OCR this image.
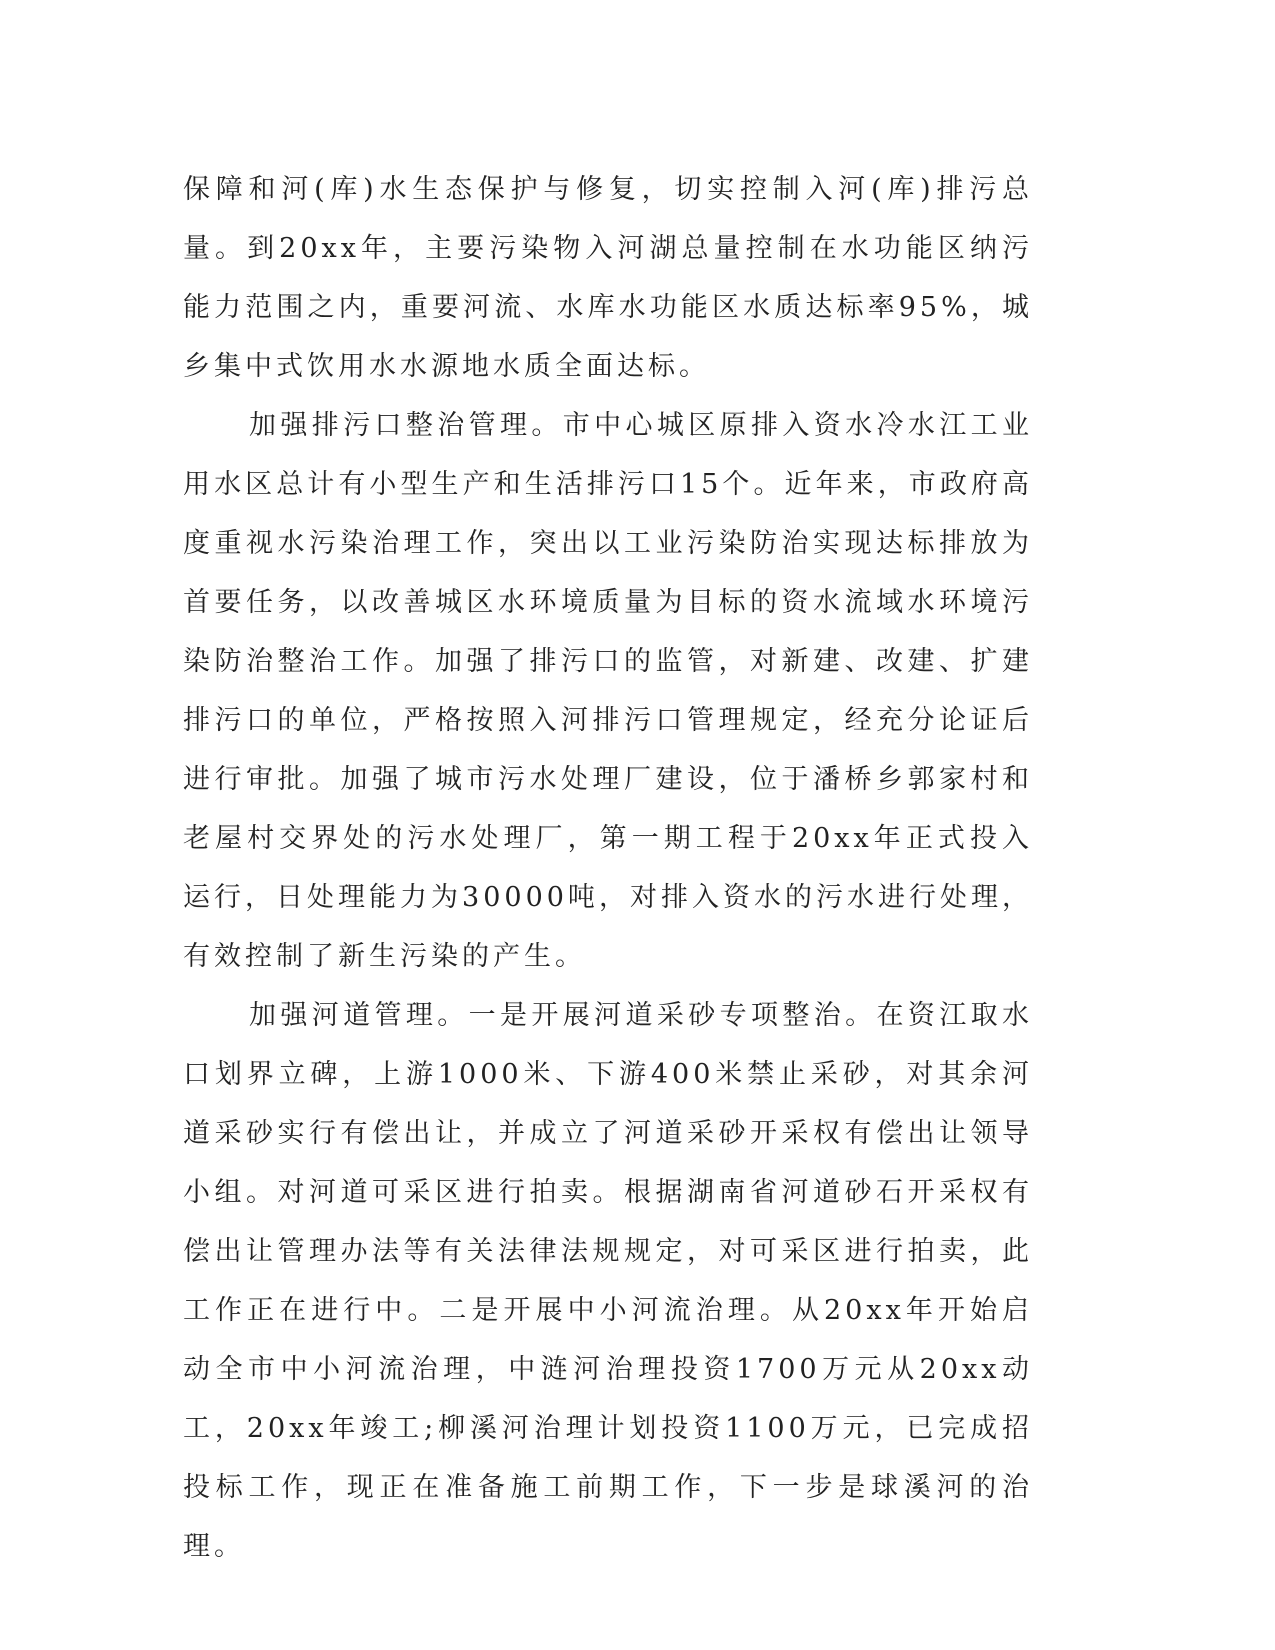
保障和河(库)水生态保护与修复，切实控制入河(库)排污总量。到20xx年，主要污染物入河湖总量控制在水功能区纳污能力范围之内，重要河流、水库水功能区水质达标率95%，城乡集中式饮用水水源地水质全面达标。

加强排污口整治管理。市中心城区原排入资水冷水江工业用水区总计有小型生产和生活排污口15个。近年来，市政府高度重视水污染治理工作，突出以工业污染防治实现达标排放为首要任务，以改善城区水环境质量为目标的资水流域水环境污染防治整治工作。加强了排污口的监管，对新建、改建、扩建排污口的单位，严格按照入河排污口管理规定，经充分论证后进行审批。加强了城市污水处理厂建设，位于潘桥乡郭家村和老屋村交界处的污水处理厂，第一期工程于20xx年正式投入运行，日处理能力为30000吨，对排入资水的污水进行处理，有效控制了新生污染的产生。

加强河道管理。一是开展河道采砂专项整治。在资江取水口划界立碑，上游1000米、下游400米禁止采砂，对其余河道采砂实行有偿出让，并成立了河道采砂开采权有偿出让领导小组。对河道可采区进行拍卖。根据湖南省河道砂石开采权有偿出让管理办法等有关法律法规规定，对可采区进行拍卖，此工作正在进行中。二是开展中小河流治理。从20xx年开始启动全市中小河流治理，中涟河治理投资1700万元从20xx动工，20xx年竣工;柳溪河治理计划投资1100万元，已完成招投标工作，现正在准备施工前期工作，下一步是球溪河的治理。
